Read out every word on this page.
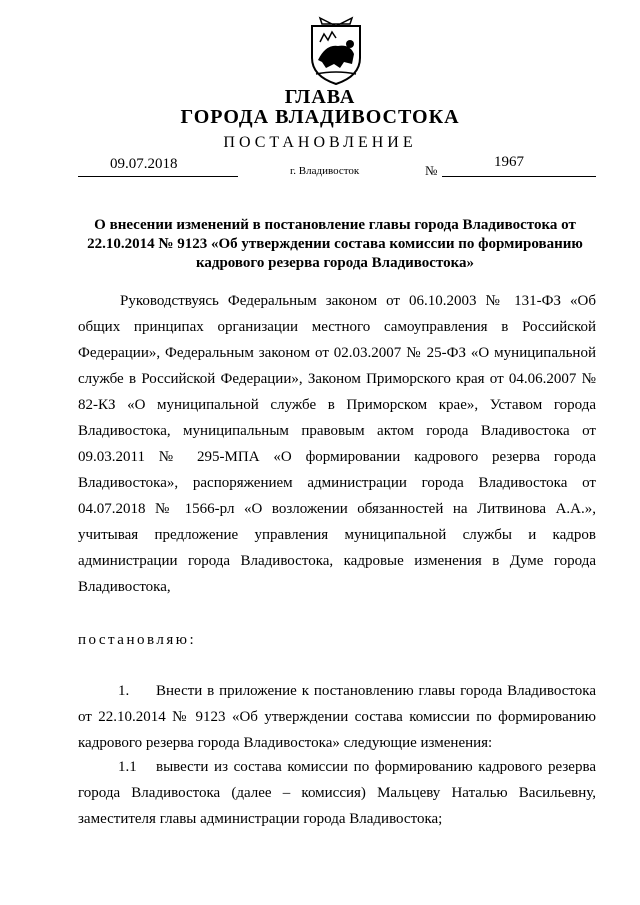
ГЛАВА
ГОРОДА ВЛАДИВОСТОКА
ПОСТАНОВЛЕНИЕ
09.07.2018	г. Владивосток	№
1967
О внесении изменений в постановление главы города Владивостока от 22.10.2014 № 9123 «Об утверждении состава комиссии по формированию кадрового резерва города Владивостока»
Руководствуясь Федеральным законом от 06.10.2003 № 131-ФЗ «Об общих принципах организации местного самоуправления в Российской Федерации», Федеральным законом от 02.03.2007 № 25-ФЗ «О муниципальной службе в Российской Федерации», Законом Приморского края от 04.06.2007 № 82-КЗ «О муниципальной службе в Приморском крае», Уставом города Владивостока, муниципальным правовым актом города Владивостока от 09.03.2011 № 295-МПА «О формировании кадрового резерва города Владивостока», распоряжением администрации города Владивостока от 04.07.2018 № 1566-рл «О возложении обязанностей на Литвинова А.А.», учитывая предложение управления муниципальной службы и кадров администрации города Владивостока, кадровые изменения в Думе города Владивостока,
постановляю:
1. Внести в приложение к постановлению главы города Владивостока от 22.10.2014 № 9123 «Об утверждении состава комиссии по формированию кадрового резерва города Владивостока» следующие изменения:
1.1 вывести из состава комиссии по формированию кадрового резерва города Владивостока (далее – комиссия) Мальцеву Наталью Васильевну, заместителя главы администрации города Владивостока;
